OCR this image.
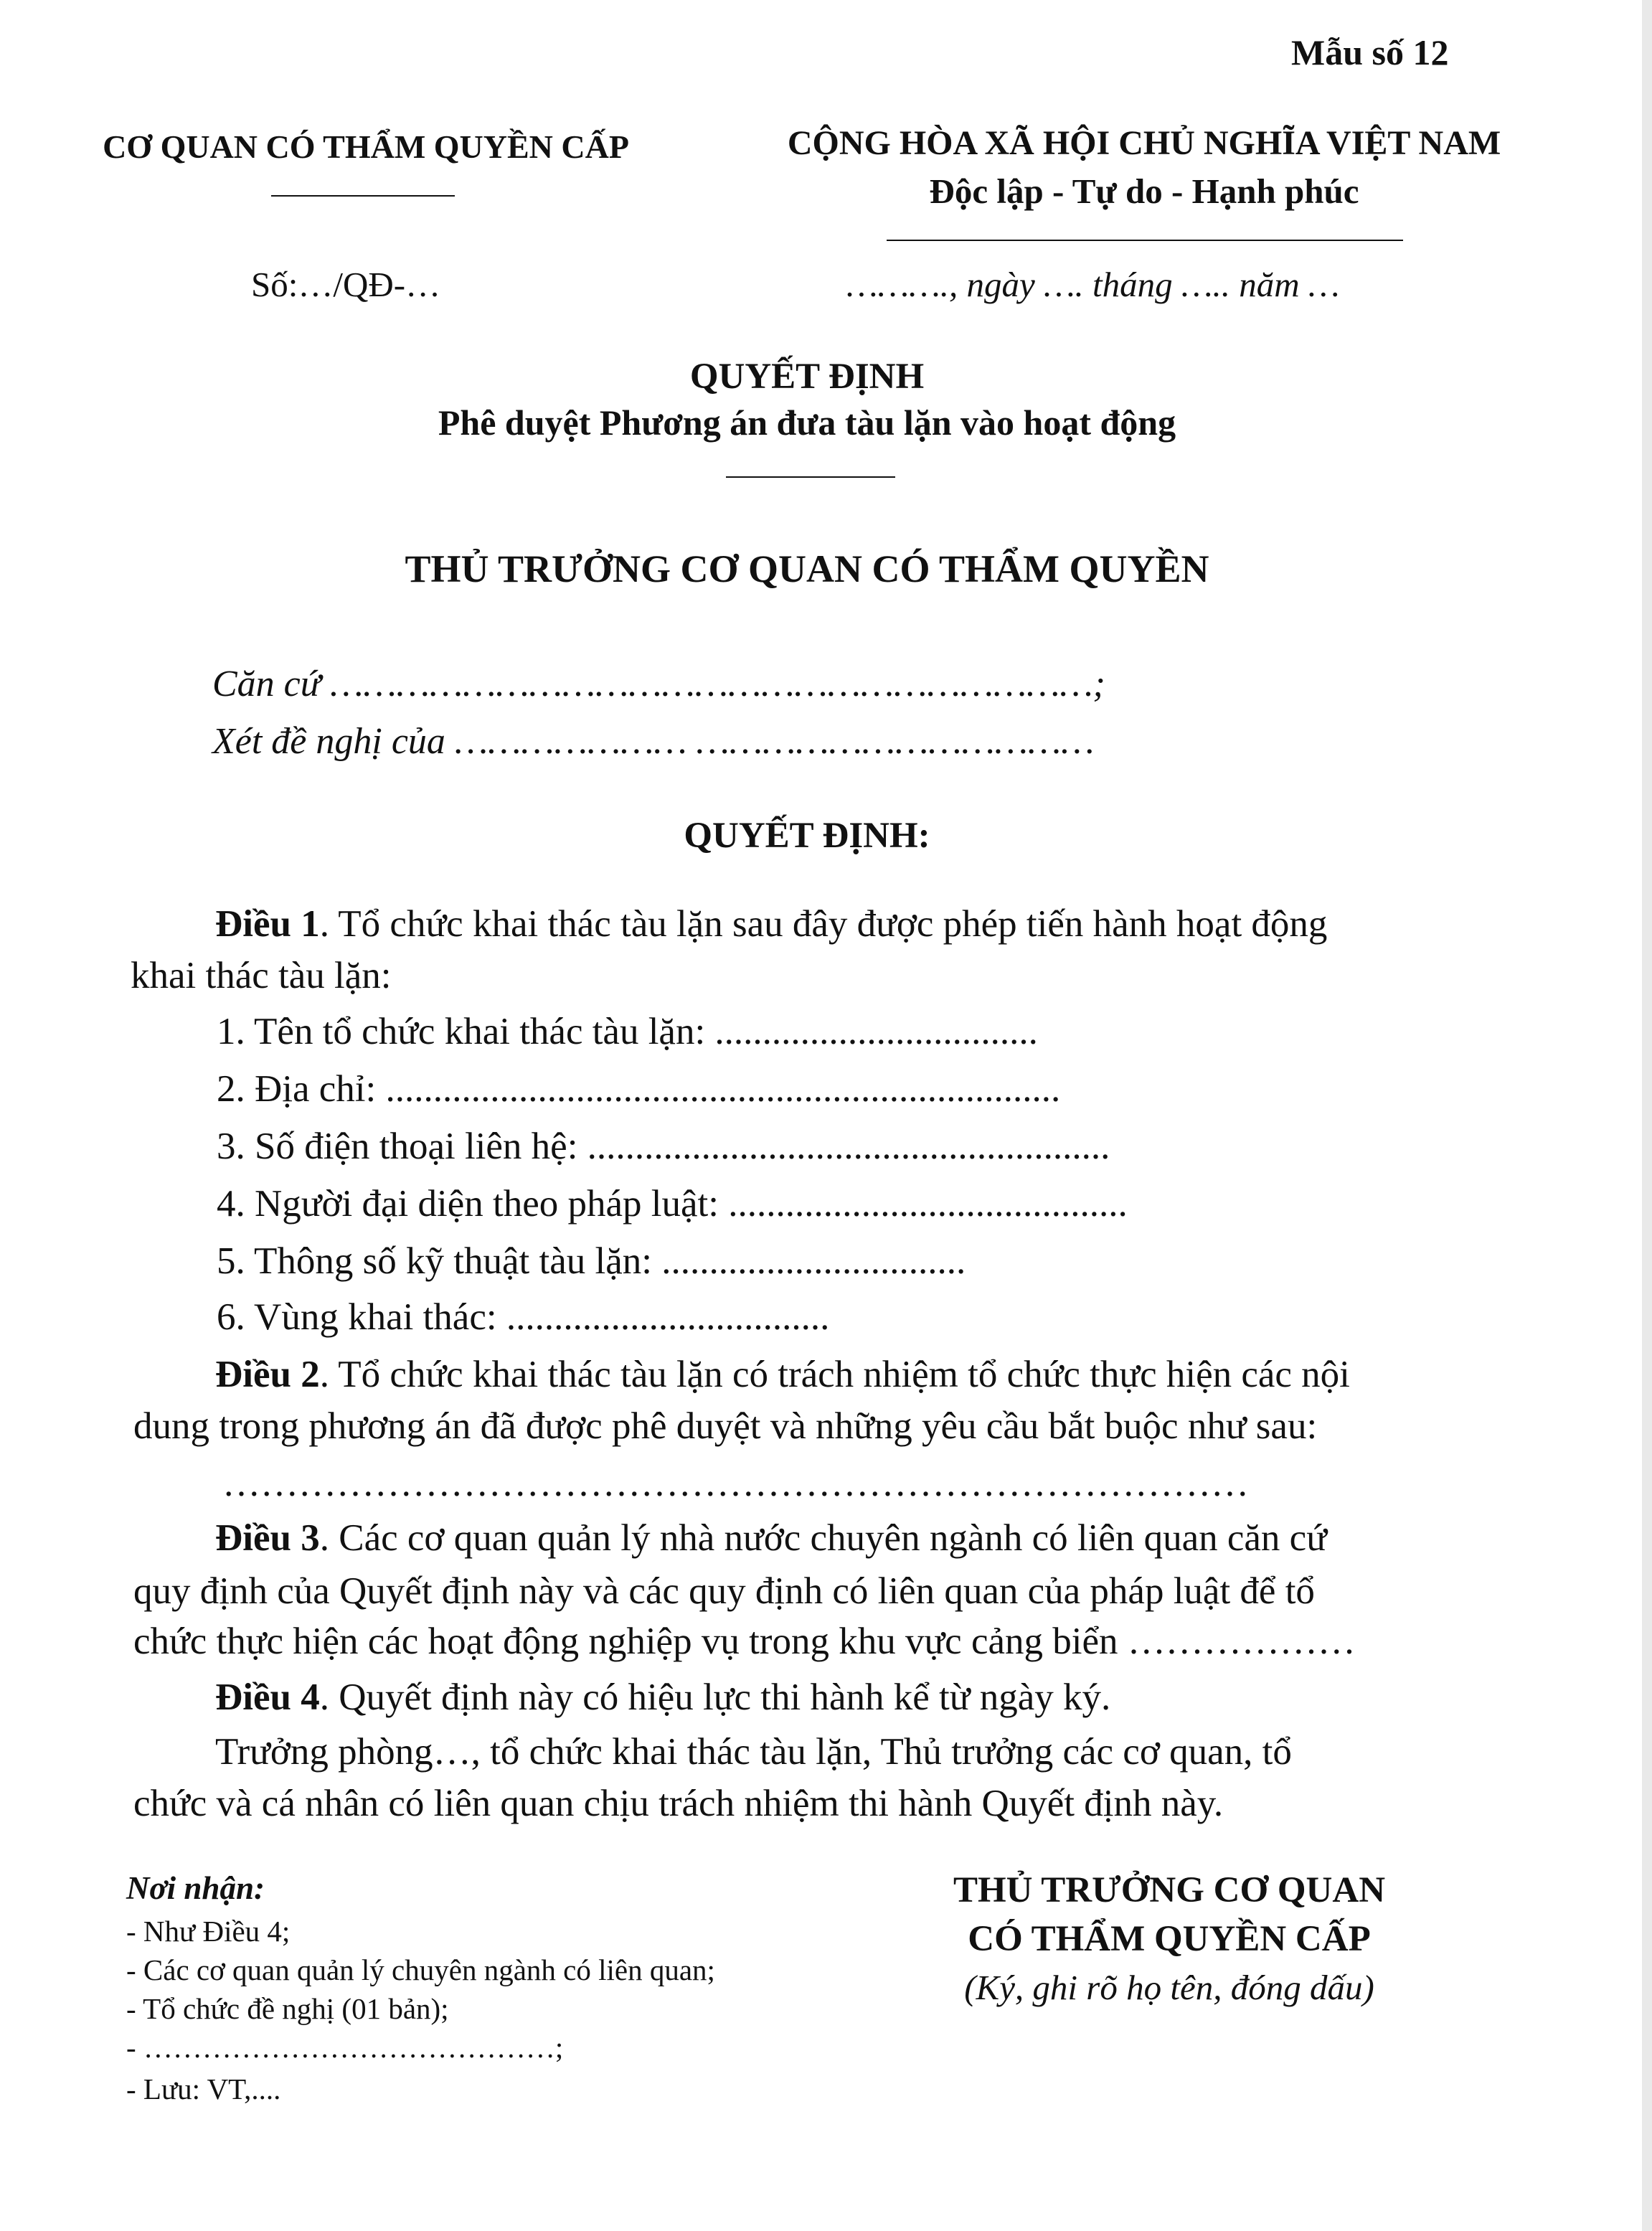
Mẫu số 12
CƠ QUAN CÓ THẨM QUYỀN CẤP	CỘNG HÒA XÃ HỘI CHỦ NGHĨA VIỆT NAM
Độc lập - Tự do - Hạnh phúc
Số:…/QĐ-…	………., ngày …. tháng ….. năm …
QUYẾT ĐỊNH
Phê duyệt Phương án đưa tàu lặn vào hoạt động
THỦ TRƯỞNG CƠ QUAN CÓ THẨM QUYỀN
Căn cứ ……………………………………………………………;
Xét đề nghị của ………………… ………………………………
QUYẾT ĐỊNH:
Điều 1. Tổ chức khai thác tàu lặn sau đây được phép tiến hành hoạt động
khai thác tàu lặn:
1. Tên tổ chức khai thác tàu lặn: ..................................
2. Địa chỉ: .......................................................................
3. Số điện thoại liên hệ: .......................................................
4. Người đại diện theo pháp luật: ..........................................
5. Thông số kỹ thuật tàu lặn: ................................
6. Vùng khai thác: ..................................
Điều 2. Tổ chức khai thác tàu lặn có trách nhiệm tổ chức thực hiện các nội
dung trong phương án đã được phê duyệt và những yêu cầu bắt buộc như sau:
………………………………………………………………………
Điều 3. Các cơ quan quản lý nhà nước chuyên ngành có liên quan căn cứ
quy định của Quyết định này và các quy định có liên quan của pháp luật để tổ
chức thực hiện các hoạt động nghiệp vụ trong khu vực cảng biển ………………
Điều 4. Quyết định này có hiệu lực thi hành kể từ ngày ký.
Trưởng phòng…, tổ chức khai thác tàu lặn, Thủ trưởng các cơ quan, tổ
chức và cá nhân có liên quan chịu trách nhiệm thi hành Quyết định này.
Nơi nhận:
- Như Điều 4;
- Các cơ quan quản lý chuyên ngành có liên quan;
- Tổ chức đề nghị (01 bản);
- ……………………………………;
- Lưu: VT,....
THỦ TRƯỞNG CƠ QUAN
CÓ THẨM QUYỀN CẤP
(Ký, ghi rõ họ tên, đóng dấu)
